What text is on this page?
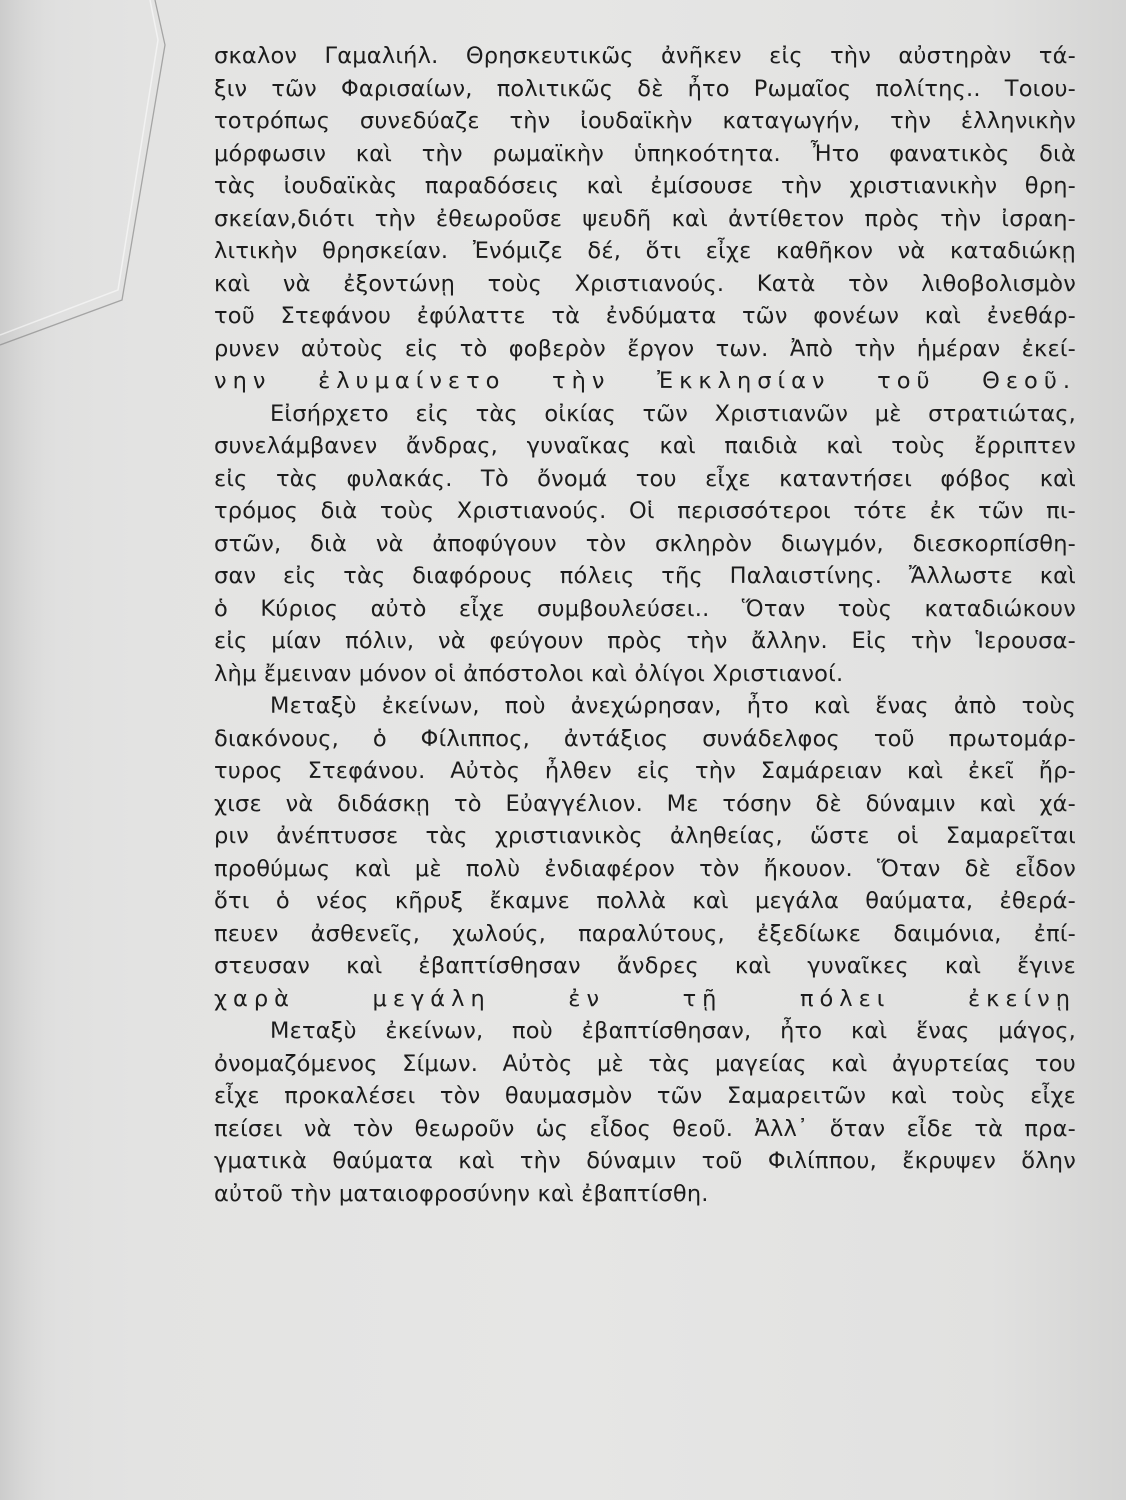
σκαλον Γαμαλιήλ. Θρησκευτικῶς ἀνῆκεν εἰς τὴν αὐστηρὰν τά-
ξιν τῶν Φαρισαίων, πολιτικῶς δὲ ἦτο Ρωμαῖος πολίτης.. Τοιου-
τοτρόπως συνεδύαζε τὴν ἰουδαϊκὴν καταγωγήν, τὴν ἑλληνικὴν
μόρφωσιν καὶ τὴν ρωμαϊκὴν ὑπηκοότητα. Ἦτο φανατικὸς διὰ
τὰς ἰουδαϊκὰς παραδόσεις καὶ ἐμίσουσε τὴν χριστιανικὴν θρη-
σκείαν,διότι τὴν ἐθεωροῦσε ψευδῆ καὶ ἀντίθετον πρὸς τὴν ἰσραη-
λιτικὴν θρησκείαν. Ἐνόμιζε δέ, ὅτι εἶχε καθῆκον νὰ καταδιώκῃ
καὶ νὰ ἐξοντώνῃ τοὺς Χριστιανούς. Κατὰ τὸν λιθοβολισμὸν
τοῦ Στεφάνου ἐφύλαττε τὰ ἐνδύματα τῶν φονέων καὶ ἐνεθάρ-
ρυνεν αὐτοὺς εἰς τὸ φοβερὸν ἔργον των. Ἀπὸ τὴν ἡμέραν ἐκεί-
νην ἐλυμαίνετο τὴν Ἐκκλησίαν τοῦ Θεοῦ.
Εἰσήρχετο εἰς τὰς οἰκίας τῶν Χριστιανῶν μὲ στρατιώτας,
συνελάμβανεν ἄνδρας, γυναῖκας καὶ παιδιὰ καὶ τοὺς ἔρριπτεν
εἰς τὰς φυλακάς. Τὸ ὄνομά του εἶχε καταντήσει φόβος καὶ
τρόμος διὰ τοὺς Χριστιανούς. Οἱ περισσότεροι τότε ἐκ τῶν πι-
στῶν, διὰ νὰ ἀποφύγουν τὸν σκληρὸν διωγμόν, διεσκορπίσθη-
σαν εἰς τὰς διαφόρους πόλεις τῆς Παλαιστίνης. Ἄλλωστε καὶ
ὁ Κύριος αὐτὸ εἶχε συμβουλεύσει.. Ὅταν τοὺς καταδιώκουν
εἰς μίαν πόλιν, νὰ φεύγουν πρὸς τὴν ἄλλην. Εἰς τὴν Ἱερουσα-
λὴμ ἔμειναν μόνον οἱ ἀπόστολοι καὶ ὀλίγοι Χριστιανοί.
Μεταξὺ ἐκείνων, ποὺ ἀνεχώρησαν, ἦτο καὶ ἕνας ἀπὸ τοὺς
διακόνους, ὁ Φίλιππος, ἀντάξιος συνάδελφος τοῦ πρωτομάρ-
τυρος Στεφάνου. Αὐτὸς ἦλθεν εἰς τὴν Σαμάρειαν καὶ ἐκεῖ ἤρ-
χισε νὰ διδάσκῃ τὸ Εὐαγγέλιον. Με τόσην δὲ δύναμιν καὶ χά-
ριν ἀνέπτυσσε τὰς χριστιανικὸς ἀληθείας, ὥστε οἱ Σαμαρεῖται
προθύμως καὶ μὲ πολὺ ἐνδιαφέρον τὸν ἤκουον. Ὅταν δὲ εἶδον
ὅτι ὁ νέος κῆρυξ ἔκαμνε πολλὰ καὶ μεγάλα θαύματα, ἐθερά-
πευεν ἀσθενεῖς, χωλούς, παραλύτους, ἐξεδίωκε δαιμόνια, ἐπί-
στευσαν καὶ ἐβαπτίσθησαν ἄνδρες καὶ γυναῖκες καὶ ἔγινε
χαρὰ μεγάλη ἐν τῇ πόλει ἐκείνῃ
Μεταξὺ ἐκείνων, ποὺ ἐβαπτίσθησαν, ἦτο καὶ ἕνας μάγος,
ὀνομαζόμενος Σίμων. Αὐτὸς μὲ τὰς μαγείας καὶ ἀγυρτείας του
εἶχε προκαλέσει τὸν θαυμασμὸν τῶν Σαμαρειτῶν καὶ τοὺς εἶχε
πείσει νὰ τὸν θεωροῦν ὡς εἶδος θεοῦ. Ἀλλ᾽ ὅταν εἶδε τὰ πρα-
γματικὰ θαύματα καὶ τὴν δύναμιν τοῦ Φιλίππου, ἔκρυψεν ὅλην
αὐτοῦ τὴν ματαιοφροσύνην καὶ ἐβαπτίσθη.
